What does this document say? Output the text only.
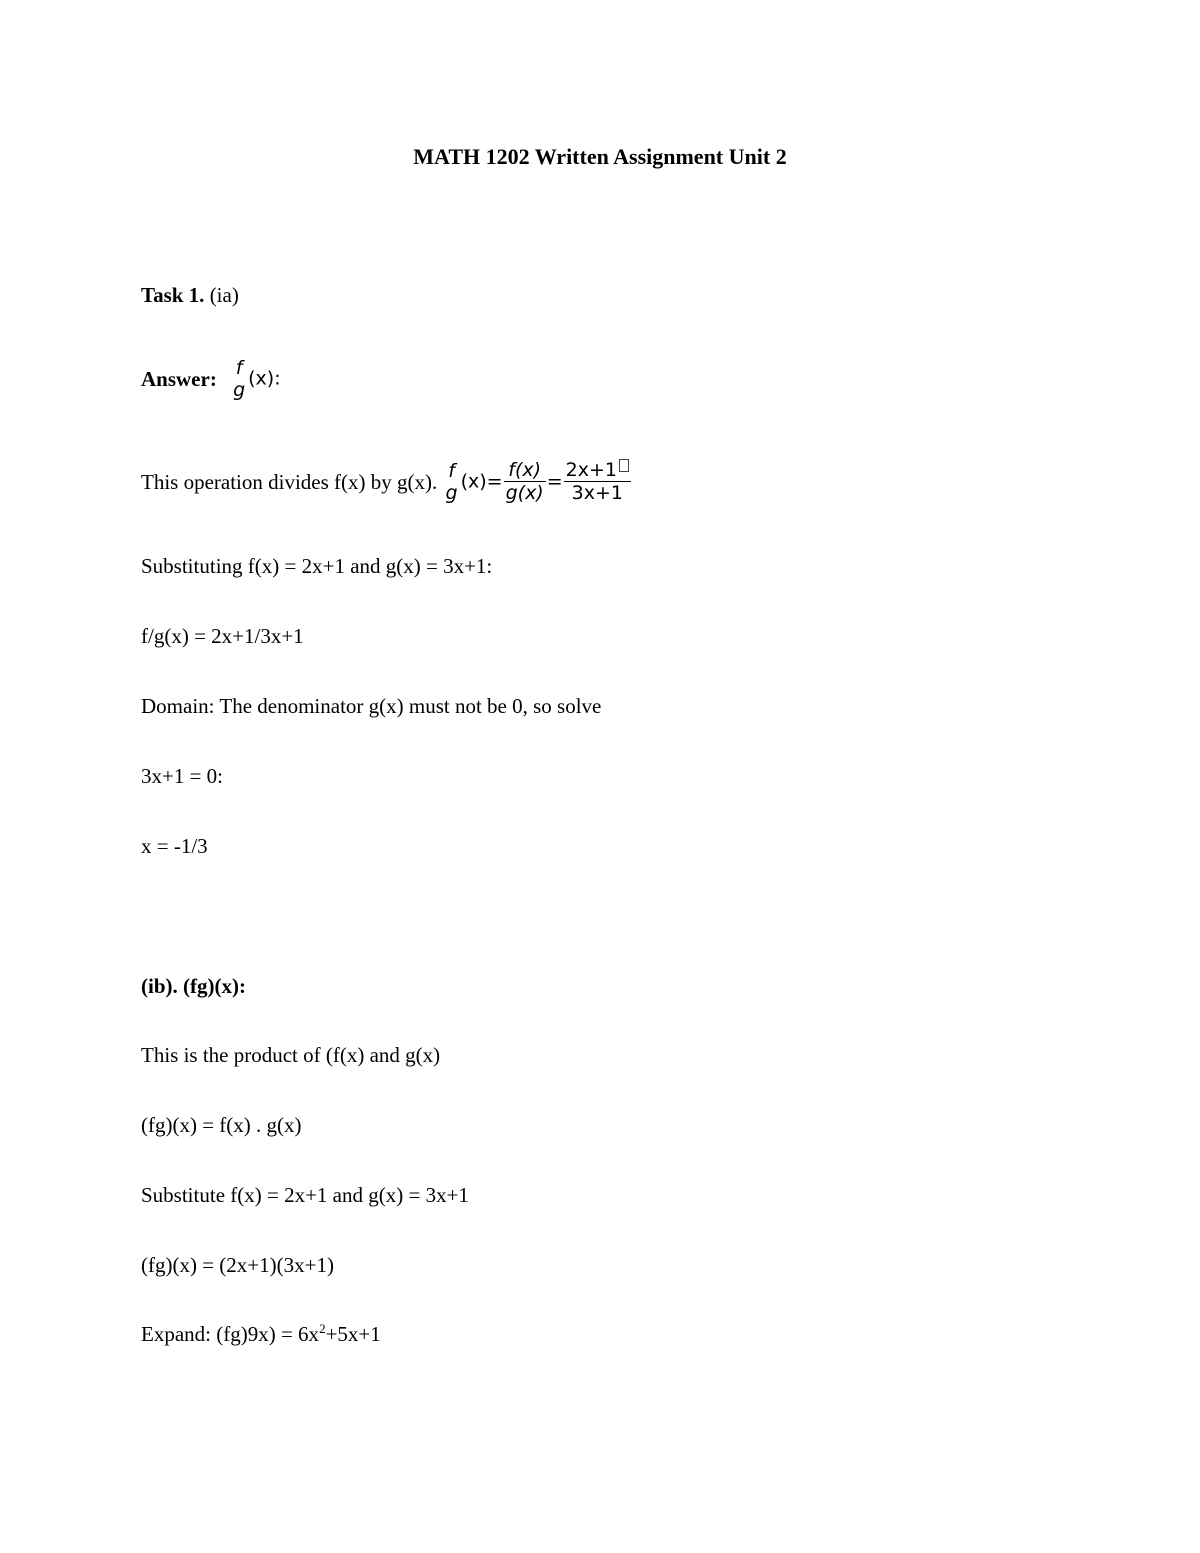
MATH 1202 Written Assignment Unit 2
Task 1. (ia)
Answer: f
g (x):
This operation divides f(x) by g(x). f
g $(x)= \frac{f(x)}{g(x)} = \frac{2x+1}{3x+1}$
Substituting f(x) = 2x+1 and g(x) = 3x+1:
f/g(x) = 2x+1/3x+1
Domain: The denominator g(x) must not be 0, so solve
3x+1 = 0:
x = -1/3
(ib). (fg)(x):
This is the product of (f(x) and g(x)
(fg)(x) = f(x) . g(x)
Substitute f(x) = 2x+1 and g(x) = 3x+1
(fg)(x) = (2x+1)(3x+1)
Expand: $(fg)9x) = 6x^2+5x+1$
